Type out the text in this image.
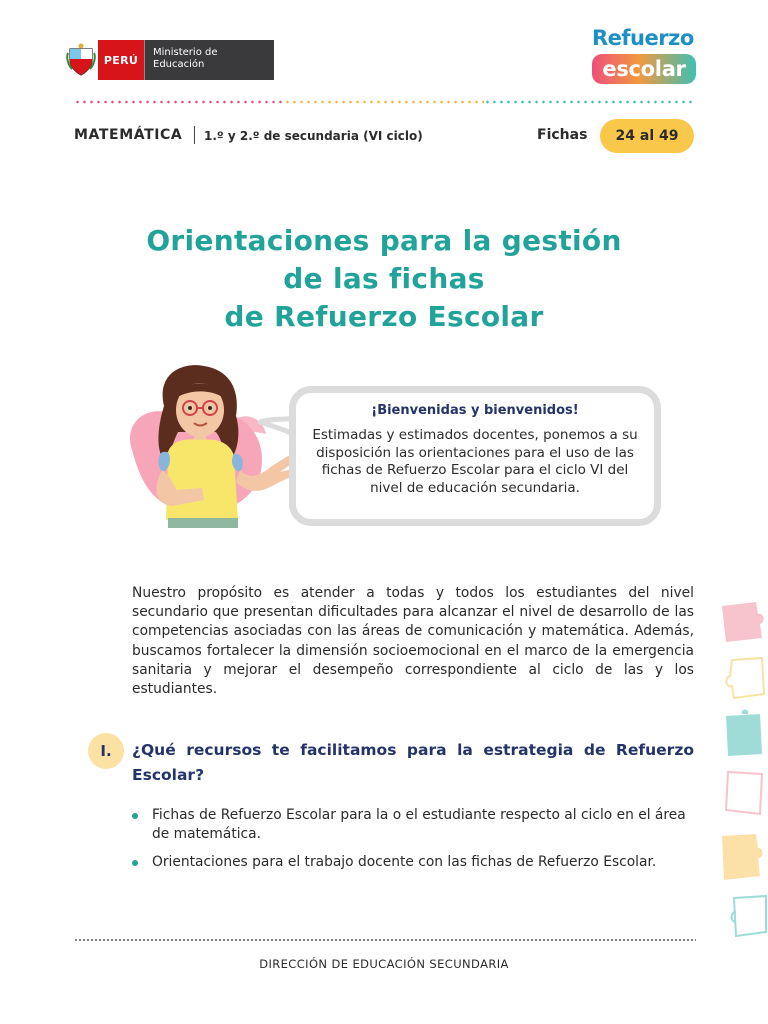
PERÚ
Ministerio de Educación
Refuerzo
escolar
MATEMÁTICA 1.º y 2.º de secundaria (VI ciclo)	Fichas	24 al 49
Orientaciones para la gestión
de las fichas
de Refuerzo Escolar
¡Bienvenidas y bienvenidos!
Estimadas y estimados docentes, ponemos a su disposición las orientaciones para el uso de las fichas de Refuerzo Escolar para el ciclo VI del nivel de educación secundaria.

Nuestro propósito es atender a todas y todos los estudiantes del nivel secundario que presentan dificultades para alcanzar el nivel de desarrollo de las competencias asociadas con las áreas de comunicación y matemática. Además, buscamos fortalecer la dimensión socioemocional en el marco de la emergencia sanitaria y mejorar el desempeño correspondiente al ciclo de las y los estudiantes.

I.	¿Qué recursos te facilitamos para la estrategia de Refuerzo Escolar?
Fichas de Refuerzo Escolar para la o el estudiante respecto al ciclo en el área de matemática.
Orientaciones para el trabajo docente con las fichas de Refuerzo Escolar.
DIRECCIÓN DE EDUCACIÓN SECUNDARIA
